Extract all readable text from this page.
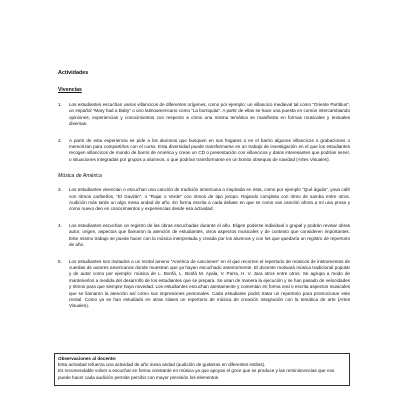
Actividades
Vivencias
1.	Los estudiantes escuchan varios villancicos de diferentes orígenes, como por ejemplo: un villancico medieval tal como “Oriente Partibus”, un español “Mary had a Baby” o uno latinoamericano como “La burriquita”. A partir de ellas se hace una puesta en común intercambiando opiniones, experiencias y conocimientos con respecto a cómo una misma temática se manifiesta en formas musicales y textuales diversas.
2.	A partir de esta experiencia se pide a los alumnos que busquen en sus hogares o en el barrio algunos villancicos o grabaciones o memorizan para compartirlos con el curso. Esta diversidad puede transformarse en un trabajo de investigación en el que los estudiantes recogen villancicos de mundo de barrio de América y crean un CD o presentación con villancicos y datos interesantes que podrían servir, o situaciones integradas por grupos a alumnos, o que podrían transformarse en un bonito obsequio de navidad (Artes Visuales).
Música de América
3.	Los estudiantes vivencian o escuchan una canción de tradición americana o inspirada en ésta, como por ejemplo “Qué águila”, yava café con ritmos caribeños, “El Gavilán”, o “Rajar o Verde” con ritmos de tipo joropo. Rajando completa con ritmo de samba entre otros. Audición más tarde un algo mesa andad de año. En forma escrita a cada debate en que se como vas canción ahora a mi una prosa y como nuevo deo en conocimientos y experiencias desde esa actividad.
4.	Los estudiantes escuchan un registro de las obras escuchadas durante el año. Eligen poderse individual o grupal y podrán revisar obras autor, origen, aspectos que llamaron la atención de estudiantes, otros aspectos musicales y de contexto que consideren importantes. Este mismo trabajo se puede hacer con la música interpretada y creada por los alumnos y con los que quedaría un registro de repertorio de año.
5.	Los estudiantes son invitados a un recital ameno “América de canciones” en el que recorren el repertorio de músicos de instrumentos de cuerdas de autores americanos donde muestran que ya hayan escuchado anteriormente. El docente motivará música tradicional popular y de autor como por ejemplo: música de L. Bonfá, L. Bonfá M. Ayala, V. Parra, H. V. Jara otros entre otros. Se agrupa a modo de mantenerlos a medida del desarrollo de los estudiantes que se prepara. Se usan de manera la ejecución y se han pasado de velocidades y ritmos para que siempre haya novedad. Los estudiantes escuchan atentamente y comentan en forma oral o escrita aspectos musicales que se llamaron la atención así como sus impresiones personales. Cada estudiante podrá tratar un repertorio para promocionar este recital. Como ya se han estudiado en otras clases un repertorio de música de creación integración con la temática de arte (Artes Visuales).
Observaciones al docente:
Esta actividad refuerza una actividad de año mesa andad (audición de guitarras en diferentes estilos).
Es recomendable volver a escuchar en forma constante en música ya que apoyan el goce que se produce y las reminiscencias que nos puede hacer cada audición permite percibir con mayor precisión los elementos
